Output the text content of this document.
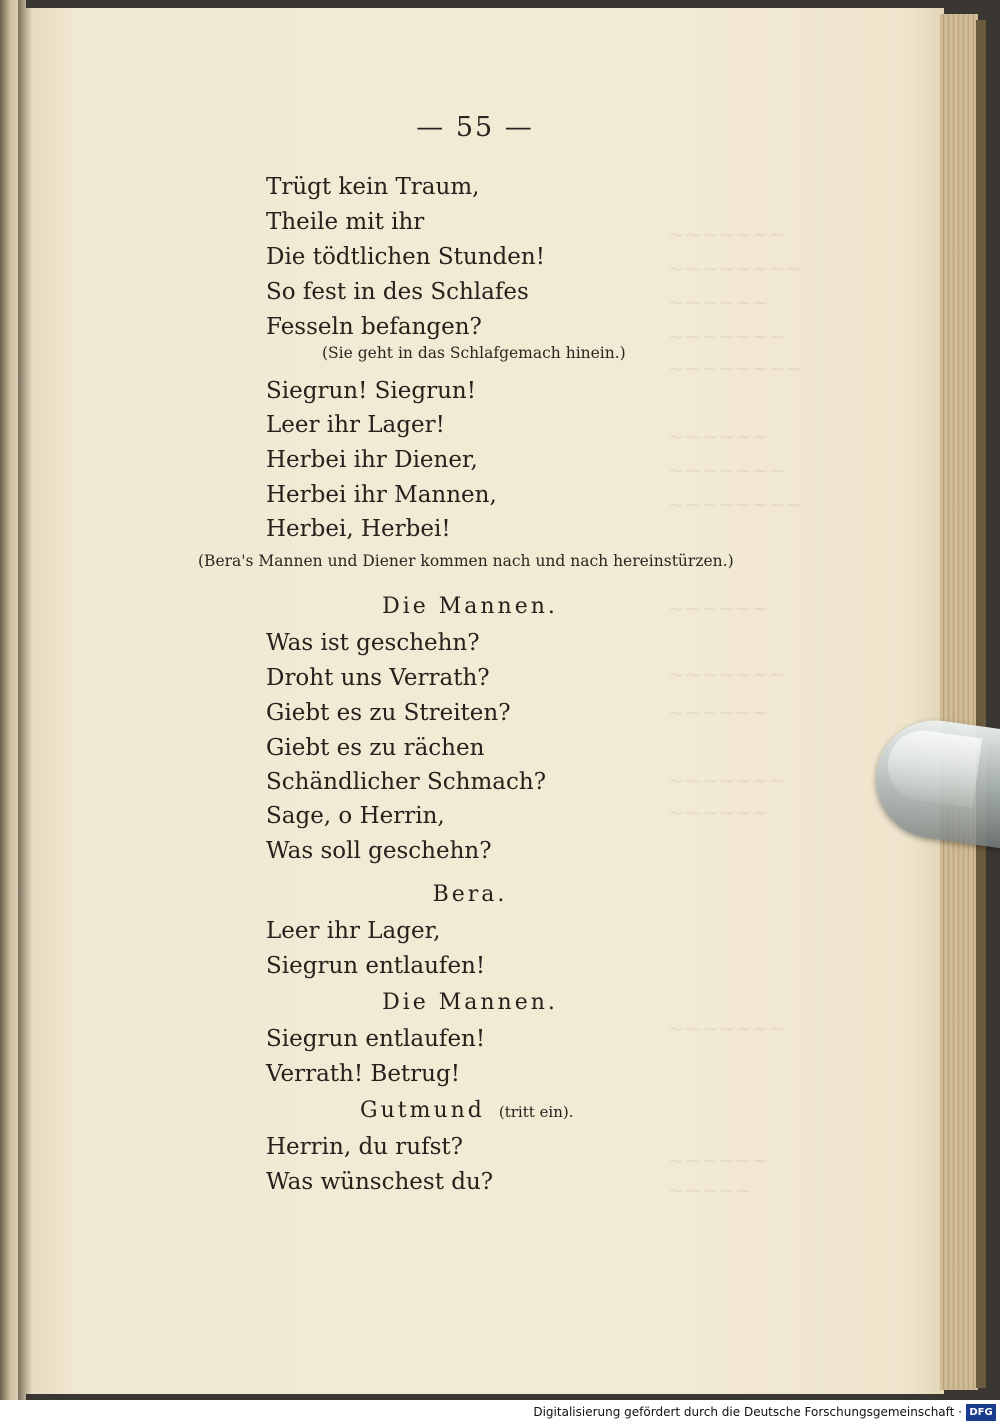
~~~~~~~
~~~~~~~~
~~~~~~
~~~~~~~
~~~~~~~~
~~~~~~
~~~~~~~
~~~~~~~~
~~~~~~
~~~~~~~
~~~~~~
~~~~~~~
~~~~~~
~~~~~~~
~~~~~~
~~~~~
— 55 —
Trügt kein Traum,
Theile mit ihr
Die tödtlichen Stunden!
So fest in des Schlafes
Fesseln befangen?
(Sie geht in das Schlafgemach hinein.)
Siegrun! Siegrun!
Leer ihr Lager!
Herbei ihr Diener,
Herbei ihr Mannen,
Herbei, Herbei!
(Bera's Mannen und Diener kommen nach und nach hereinstürzen.)
Die Mannen.
Was ist geschehn?
Droht uns Verrath?
Giebt es zu Streiten?
Giebt es zu rächen
Schändlicher Schmach?
Sage, o Herrin,
Was soll geschehn?
Bera.
Leer ihr Lager,
Siegrun entlaufen!
Die Mannen.
Siegrun entlaufen!
Verrath! Betrug!
Gutmund (tritt ein).
Herrin, du rufst?
Was wünschest du?
Digitalisierung gefördert durch die Deutsche Forschungsgemeinschaft · DFG
